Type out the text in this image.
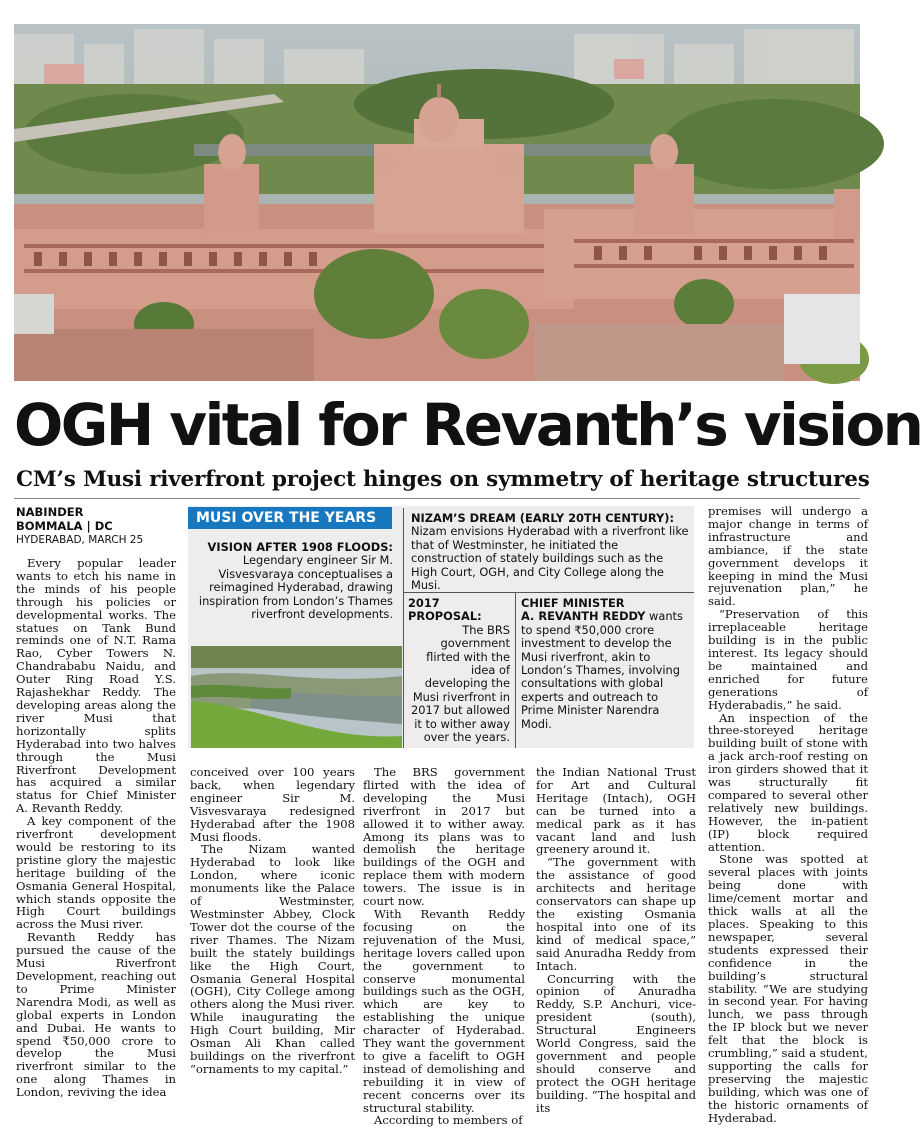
OGH vital for Revanth’s vision
CM’s Musi riverfront project hinges on symmetry of heritage structures
NABINDER
BOMMALA | DC
HYDERABAD, MARCH 25

Every popular leader wants to etch his name in the minds of his people through his policies or developmental works. The statues on Tank Bund reminds one of N.T. Rama Rao, Cyber Towers N. Chandrababu Naidu, and Outer Ring Road Y.S. Rajashekhar Reddy. The developing areas along the river Musi that horizontally splits Hyderabad into two halves through the Musi Riverfront Development has acquired a similar status for Chief Minister A. Revanth Reddy.

A key component of the riverfront development would be restoring to its pristine glory the majestic heritage building of the Osmania General Hospital, which stands opposite the High Court buildings across the Musi river.

Revanth Reddy has pursued the cause of the Musi Riverfront Development, reaching out to Prime Minister Narendra Modi, as well as global experts in London and Dubai. He wants to spend ₹50,000 crore to develop the Musi riverfront similar to the one along Thames in London, reviving the idea

conceived over 100 years back, when legendary engineer Sir M. Visvesvaraya redesigned Hyderabad after the 1908 Musi floods.

The Nizam wanted Hyderabad to look like London, where iconic monuments like the Palace of Westminster, Westminster Abbey, Clock Tower dot the course of the river Thames. The Nizam built the stately buildings like the High Court, Osmania General Hospital (OGH), City College among others along the Musi river. While inaugurating the High Court building, Mir Osman Ali Khan called buildings on the riverfront “ornaments to my capital.”

The BRS government flirted with the idea of developing the Musi riverfront in 2017 but allowed it to wither away. Among its plans was to demolish the heritage buildings of the OGH and replace them with modern towers. The issue is in court now.

With Revanth Reddy focusing on the rejuvenation of the Musi, heritage lovers called upon the government to conserve monumental buildings such as the OGH, which are key to establishing the unique character of Hyderabad. They want the government to give a facelift to OGH instead of demolishing and rebuilding it in view of recent concerns over its structural stability.

According to members of

the Indian National Trust for Art and Cultural Heritage (Intach), OGH can be turned into a medical park as it has vacant land and lush greenery around it.

“The government with the assistance of good architects and heritage conservators can shape up the existing Osmania hospital into one of its kind of medical space,” said Anuradha Reddy from Intach.

Concurring with the opinion of Anuradha Reddy, S.P. Anchuri, vice-president (south), Structural Engineers World Congress, said the government and people should conserve and protect the OGH heritage building. “The hospital and its

premises will undergo a major change in terms of infrastructure and ambiance, if the state government develops it keeping in mind the Musi rejuvenation plan,” he said.

“Preservation of this irreplaceable heritage building is in the public interest. Its legacy should be maintained and enriched for future generations of Hyderabadis,” he said.

An inspection of the three-storeyed heritage building built of stone with a jack arch-roof resting on iron girders showed that it was structurally fit compared to several other relatively new buildings. However, the in-patient (IP) block required attention.

Stone was spotted at several places with joints being done with lime/cement mortar and thick walls at all the places. Speaking to this newspaper, several students expressed their confidence in the building’s structural stability. “We are studying in second year. For having lunch, we pass through the IP block but we never felt that the block is crumbling,” said a student, supporting the calls for preserving the majestic building, which was one of the historic ornaments of Hyderabad.

MUSI OVER THE YEARS
VISION AFTER 1908 FLOODS:
Legendary engineer Sir M. Visvesvaraya conceptualises a reimagined Hyderabad, drawing inspiration from London’s Thames riverfront developments.
NIZAM’S DREAM (EARLY 20TH CENTURY):
Nizam envisions Hyderabad with a riverfront like that of Westminster, he initiated the construction of stately buildings such as the High Court, OGH, and City College along the Musi.
2017 PROPOSAL:
The BRS government flirted with the idea of developing the Musi riverfront in 2017 but allowed it to wither away over the years.
CHIEF MINISTER
A. REVANTH REDDY wants to spend ₹50,000 crore investment to develop the Musi riverfront, akin to London’s Thames, involving consultations with global experts and outreach to Prime Minister Narendra Modi.
